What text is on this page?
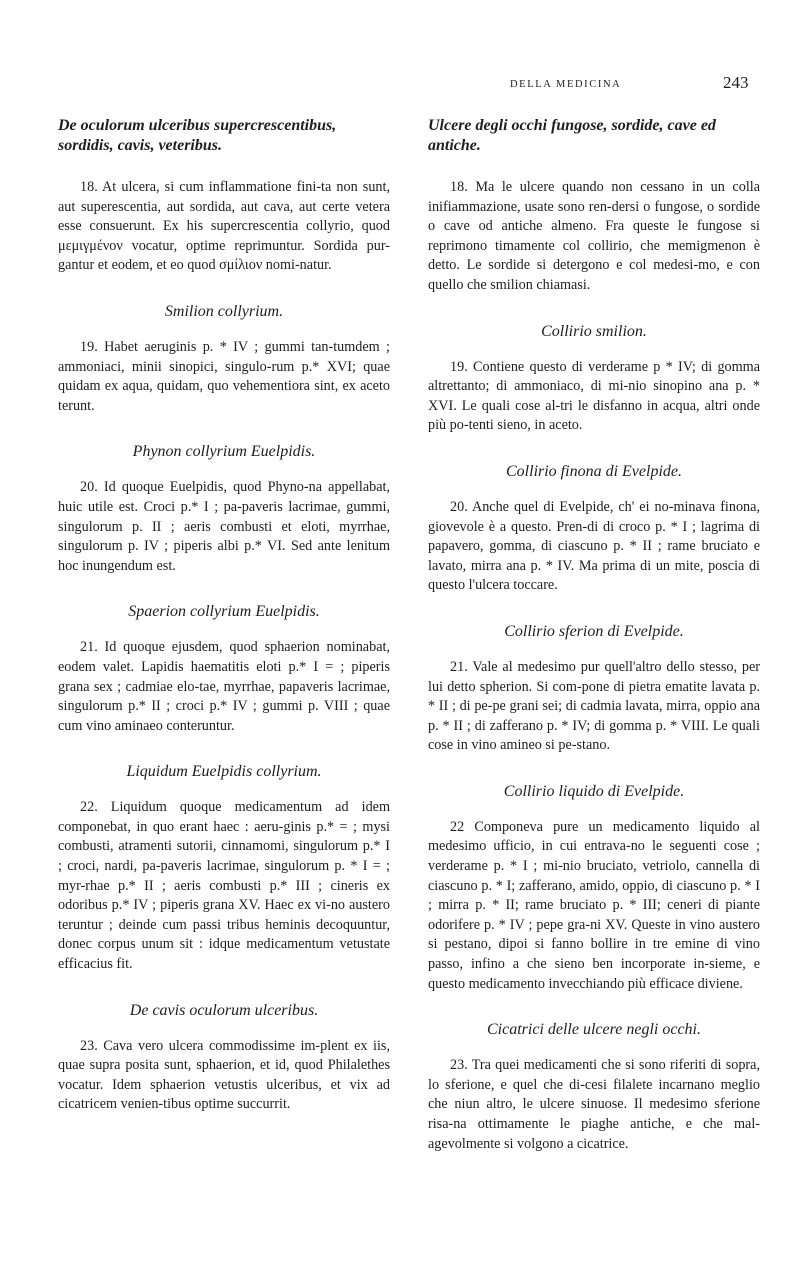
DELLA MEDICINA	243
De oculorum ulceribus supercrescentibus, sordidis, cavis, veteribus.

18. At ulcera, si cum inflammatione fini-ta non sunt, aut superescentia, aut sordida, aut cava, aut certe vetera esse consuerunt. Ex his supercrescentia collyrio, quod μεμιγμένον vocatur, optime reprimuntur. Sordida pur-gantur et eodem, et eo quod σμίλιον nomi-natur.

Smilion collyrium.

19. Habet aeruginis p. * IV ; gummi tan-tumdem ; ammoniaci, minii sinopici, singulo-rum p.* XVI; quae quidam ex aqua, quidam, quo vehementiora sint, ex aceto terunt.

Phynon collyrium Euelpidis.

20. Id quoque Euelpidis, quod Phyno-na appellabat, huic utile est. Croci p.* I ; pa-paveris lacrimae, gummi, singulorum p. II ; aeris combusti et eloti, myrrhae, singulorum p. IV ; piperis albi p.* VI. Sed ante lenitum hoc inungendum est.

Spaerion collyrium Euelpidis.

21. Id quoque ejusdem, quod sphaerion nominabat, eodem valet. Lapidis haematitis eloti p.* I = ; piperis grana sex ; cadmiae elo-tae, myrrhae, papaveris lacrimae, singulorum p.* II ; croci p.* IV ; gummi p. VIII ; quae cum vino aminaeo conteruntur.

Liquidum Euelpidis collyrium.

22. Liquidum quoque medicamentum ad idem componebat, in quo erant haec : aeru-ginis p.* = ; mysi combusti, atramenti sutorii, cinnamomi, singulorum p.* I ; croci, nardi, pa-paveris lacrimae, singulorum p. * I = ; myr-rhae p.* II ; aeris combusti p.* III ; cineris ex odoribus p.* IV ; piperis grana XV. Haec ex vi-no austero teruntur ; deinde cum passi tribus heminis decoquuntur, donec corpus unum sit : idque medicamentum vetustate efficacius fit.

De cavis oculorum ulceribus.

23. Cava vero ulcera commodissime im-plent ex iis, quae supra posita sunt, sphaerion, et id, quod Philalethes vocatur. Idem sphaerion vetustis ulceribus, et vix ad cicatricem venien-tibus optime succurrit.

Ulcere degli occhi fungose, sordide, cave ed antiche.

18. Ma le ulcere quando non cessano in un colla inifiammazione, usate sono ren-dersi o fungose, o sordide o cave od antiche almeno. Fra queste le fungose si reprimono timamente col collirio, che memigmenon è detto. Le sordide si detergono e col medesi-mo, e con quello che smilion chiamasi.

Collirio smilion.

19. Contiene questo di verderame p * IV; di gomma altrettanto; di ammoniaco, di mi-nio sinopino ana p. * XVI. Le quali cose al-tri le disfanno in acqua, altri onde più po-tenti sieno, in aceto.

Collirio finona di Evelpide.

20. Anche quel di Evelpide, ch' ei no-minava finona, giovevole è a questo. Pren-di di croco p. * I ; lagrima di papavero, gomma, di ciascuno p. * II ; rame bruciato e lavato, mirra ana p. * IV. Ma prima di un mite, poscia di questo l'ulcera toccare.

Collirio sferion di Evelpide.

21. Vale al medesimo pur quell'altro dello stesso, per lui detto spherion. Si com-pone di pietra ematite lavata p. * II ; di pe-pe grani sei; di cadmia lavata, mirra, oppio ana p. * II ; di zafferano p. * IV; di gomma p. * VIII. Le quali cose in vino amineo si pe-stano.

Collirio liquido di Evelpide.

22 Componeva pure un medicamento liquido al medesimo ufficio, in cui entrava-no le seguenti cose ; verderame p. * I ; mi-nio bruciato, vetriolo, cannella di ciascuno p. * I; zafferano, amido, oppio, di ciascuno p. * I ; mirra p. * II; rame bruciato p. * III; ceneri di piante odorifere p. * IV ; pepe gra-ni XV. Queste in vino austero si pestano, dipoi si fanno bollire in tre emine di vino passo, infino a che sieno ben incorporate in-sieme, e questo medicamento invecchiando più efficace diviene.

Cicatrici delle ulcere negli occhi.

23. Tra quei medicamenti che si sono riferiti di sopra, lo sferione, e quel che di-cesi filalete incarnano meglio che niun altro, le ulcere sinuose. Il medesimo sferione risa-na ottimamente le piaghe antiche, e che mal-agevolmente si volgono a cicatrice.
